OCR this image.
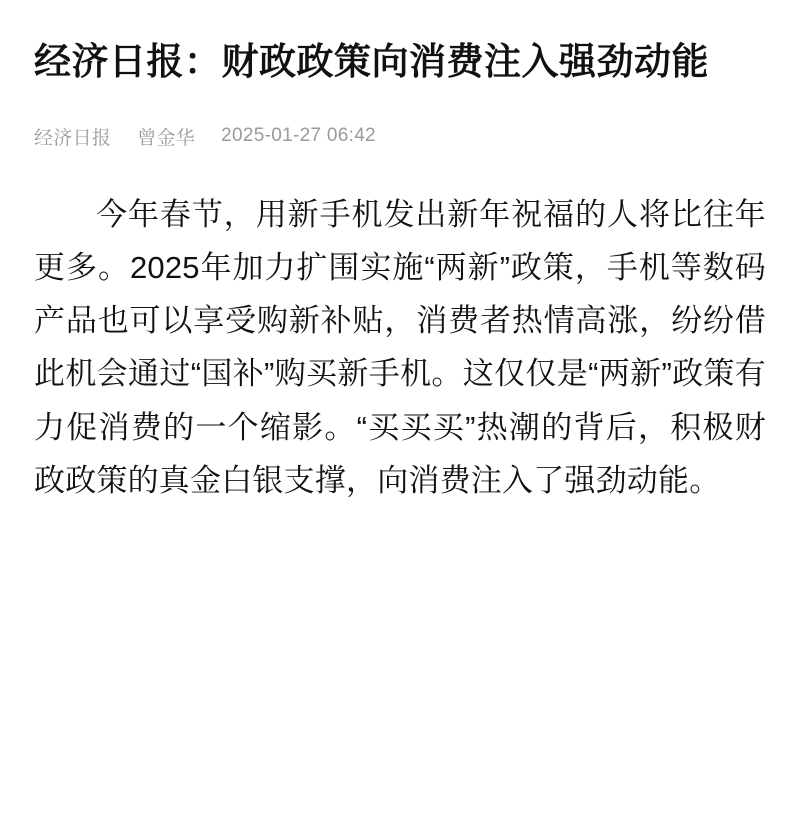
经济日报：财政政策向消费注入强劲动能
经济日报 曾金华 2025-01-27 06:42

今年春节，用新手机发出新年祝福的人将比往年更多。2025年加力扩围实施“两新”政策，手机等数码产品也可以享受购新补贴，消费者热情高涨，纷纷借此机会通过“国补”购买新手机。这仅仅是“两新”政策有力促消费的一个缩影。“买买买”热潮的背后，积极财政政策的真金白银支撑，向消费注入了强劲动能。
